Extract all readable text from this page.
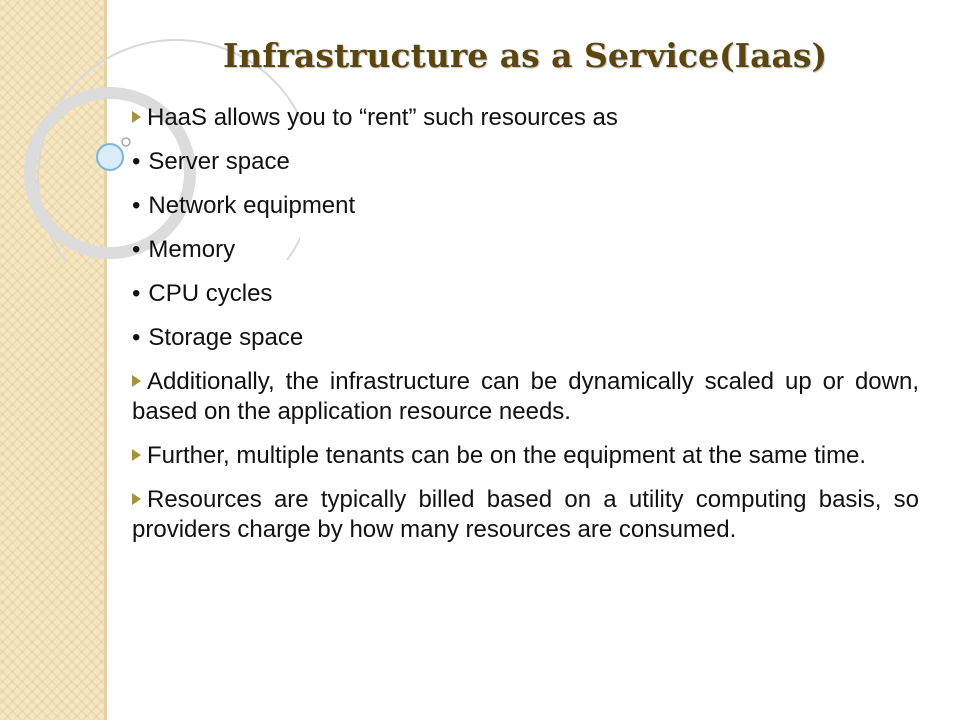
Infrastructure as a Service(Iaas)

HaaS allows you to “rent” such resources as

• Server space

• Network equipment

• Memory

• CPU cycles

• Storage space

Additionally, the infrastructure can be dynamically scaled up or down, based on the application resource needs.

Further, multiple tenants can be on the equipment at the same time.

Resources are typically billed based on a utility computing basis, so providers charge by how many resources are consumed.
